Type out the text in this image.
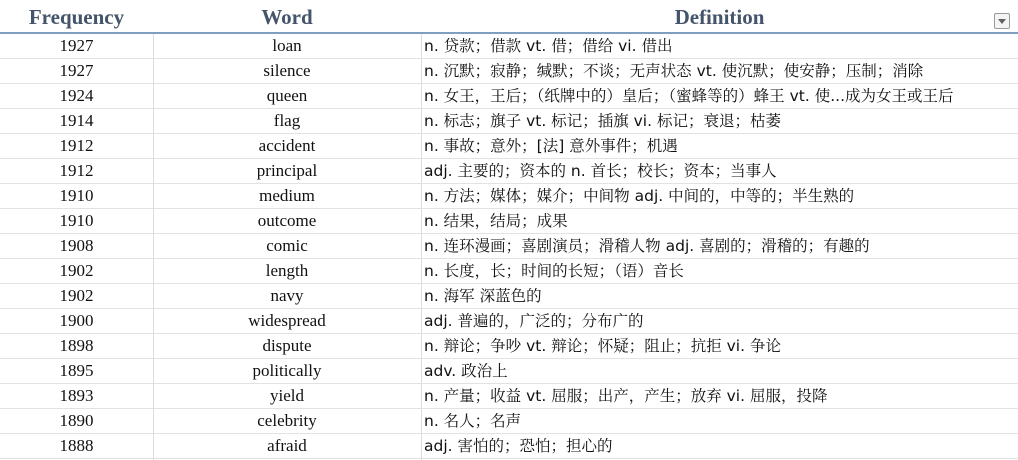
Frequency	Word	Definition
1927	loan	n. 贷款；借款 vt. 借；借给 vi. 借出
1927	silence	n. 沉默；寂静；缄默；不谈；无声状态 vt. 使沉默；使安静；压制；消除
1924	queen	n. 女王，王后；（纸牌中的）皇后；（蜜蜂等的）蜂王 vt. 使...成为女王或王后
1914	flag	n. 标志；旗子 vt. 标记；插旗 vi. 标记；衰退；枯萎
1912	accident	n. 事故；意外；[法] 意外事件；机遇
1912	principal	adj. 主要的；资本的 n. 首长；校长；资本；当事人
1910	medium	n. 方法；媒体；媒介；中间物 adj. 中间的，中等的；半生熟的
1910	outcome	n. 结果，结局；成果
1908	comic	n. 连环漫画；喜剧演员；滑稽人物 adj. 喜剧的；滑稽的；有趣的
1902	length	n. 长度，长；时间的长短；（语）音长
1902	navy	n. 海军 深蓝色的
1900	widespread	adj. 普遍的，广泛的；分布广的
1898	dispute	n. 辩论；争吵 vt. 辩论；怀疑；阻止；抗拒 vi. 争论
1895	politically	adv. 政治上
1893	yield	n. 产量；收益 vt. 屈服；出产，产生；放弃 vi. 屈服，投降
1890	celebrity	n. 名人；名声
1888	afraid	adj. 害怕的；恐怕；担心的
